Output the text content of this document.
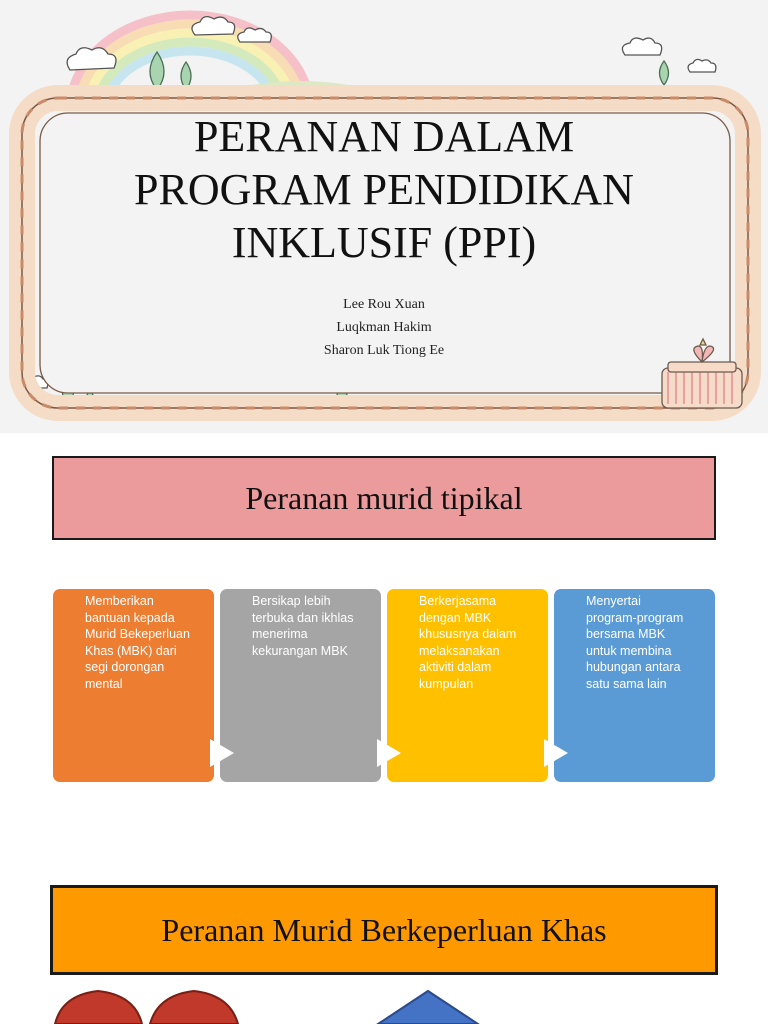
PERANAN DALAM
PROGRAM PENDIDIKAN
INKLUSIF (PPI)
Lee Rou Xuan
Luqkman Hakim
Sharon Luk Tiong Ee
Peranan murid tipikal
Memberikan
bantuan kepada
Murid Bekeperluan
Khas (MBK) dari
segi dorongan
mental
Bersikap lebih
terbuka dan ikhlas
menerima
kekurangan MBK
Berkerjasama
dengan MBK
khususnya dalam
melaksanakan
aktiviti dalam
kumpulan
Menyertai
program-program
bersama MBK
untuk membina
hubungan antara
satu sama lain
Peranan Murid Berkeperluan Khas
